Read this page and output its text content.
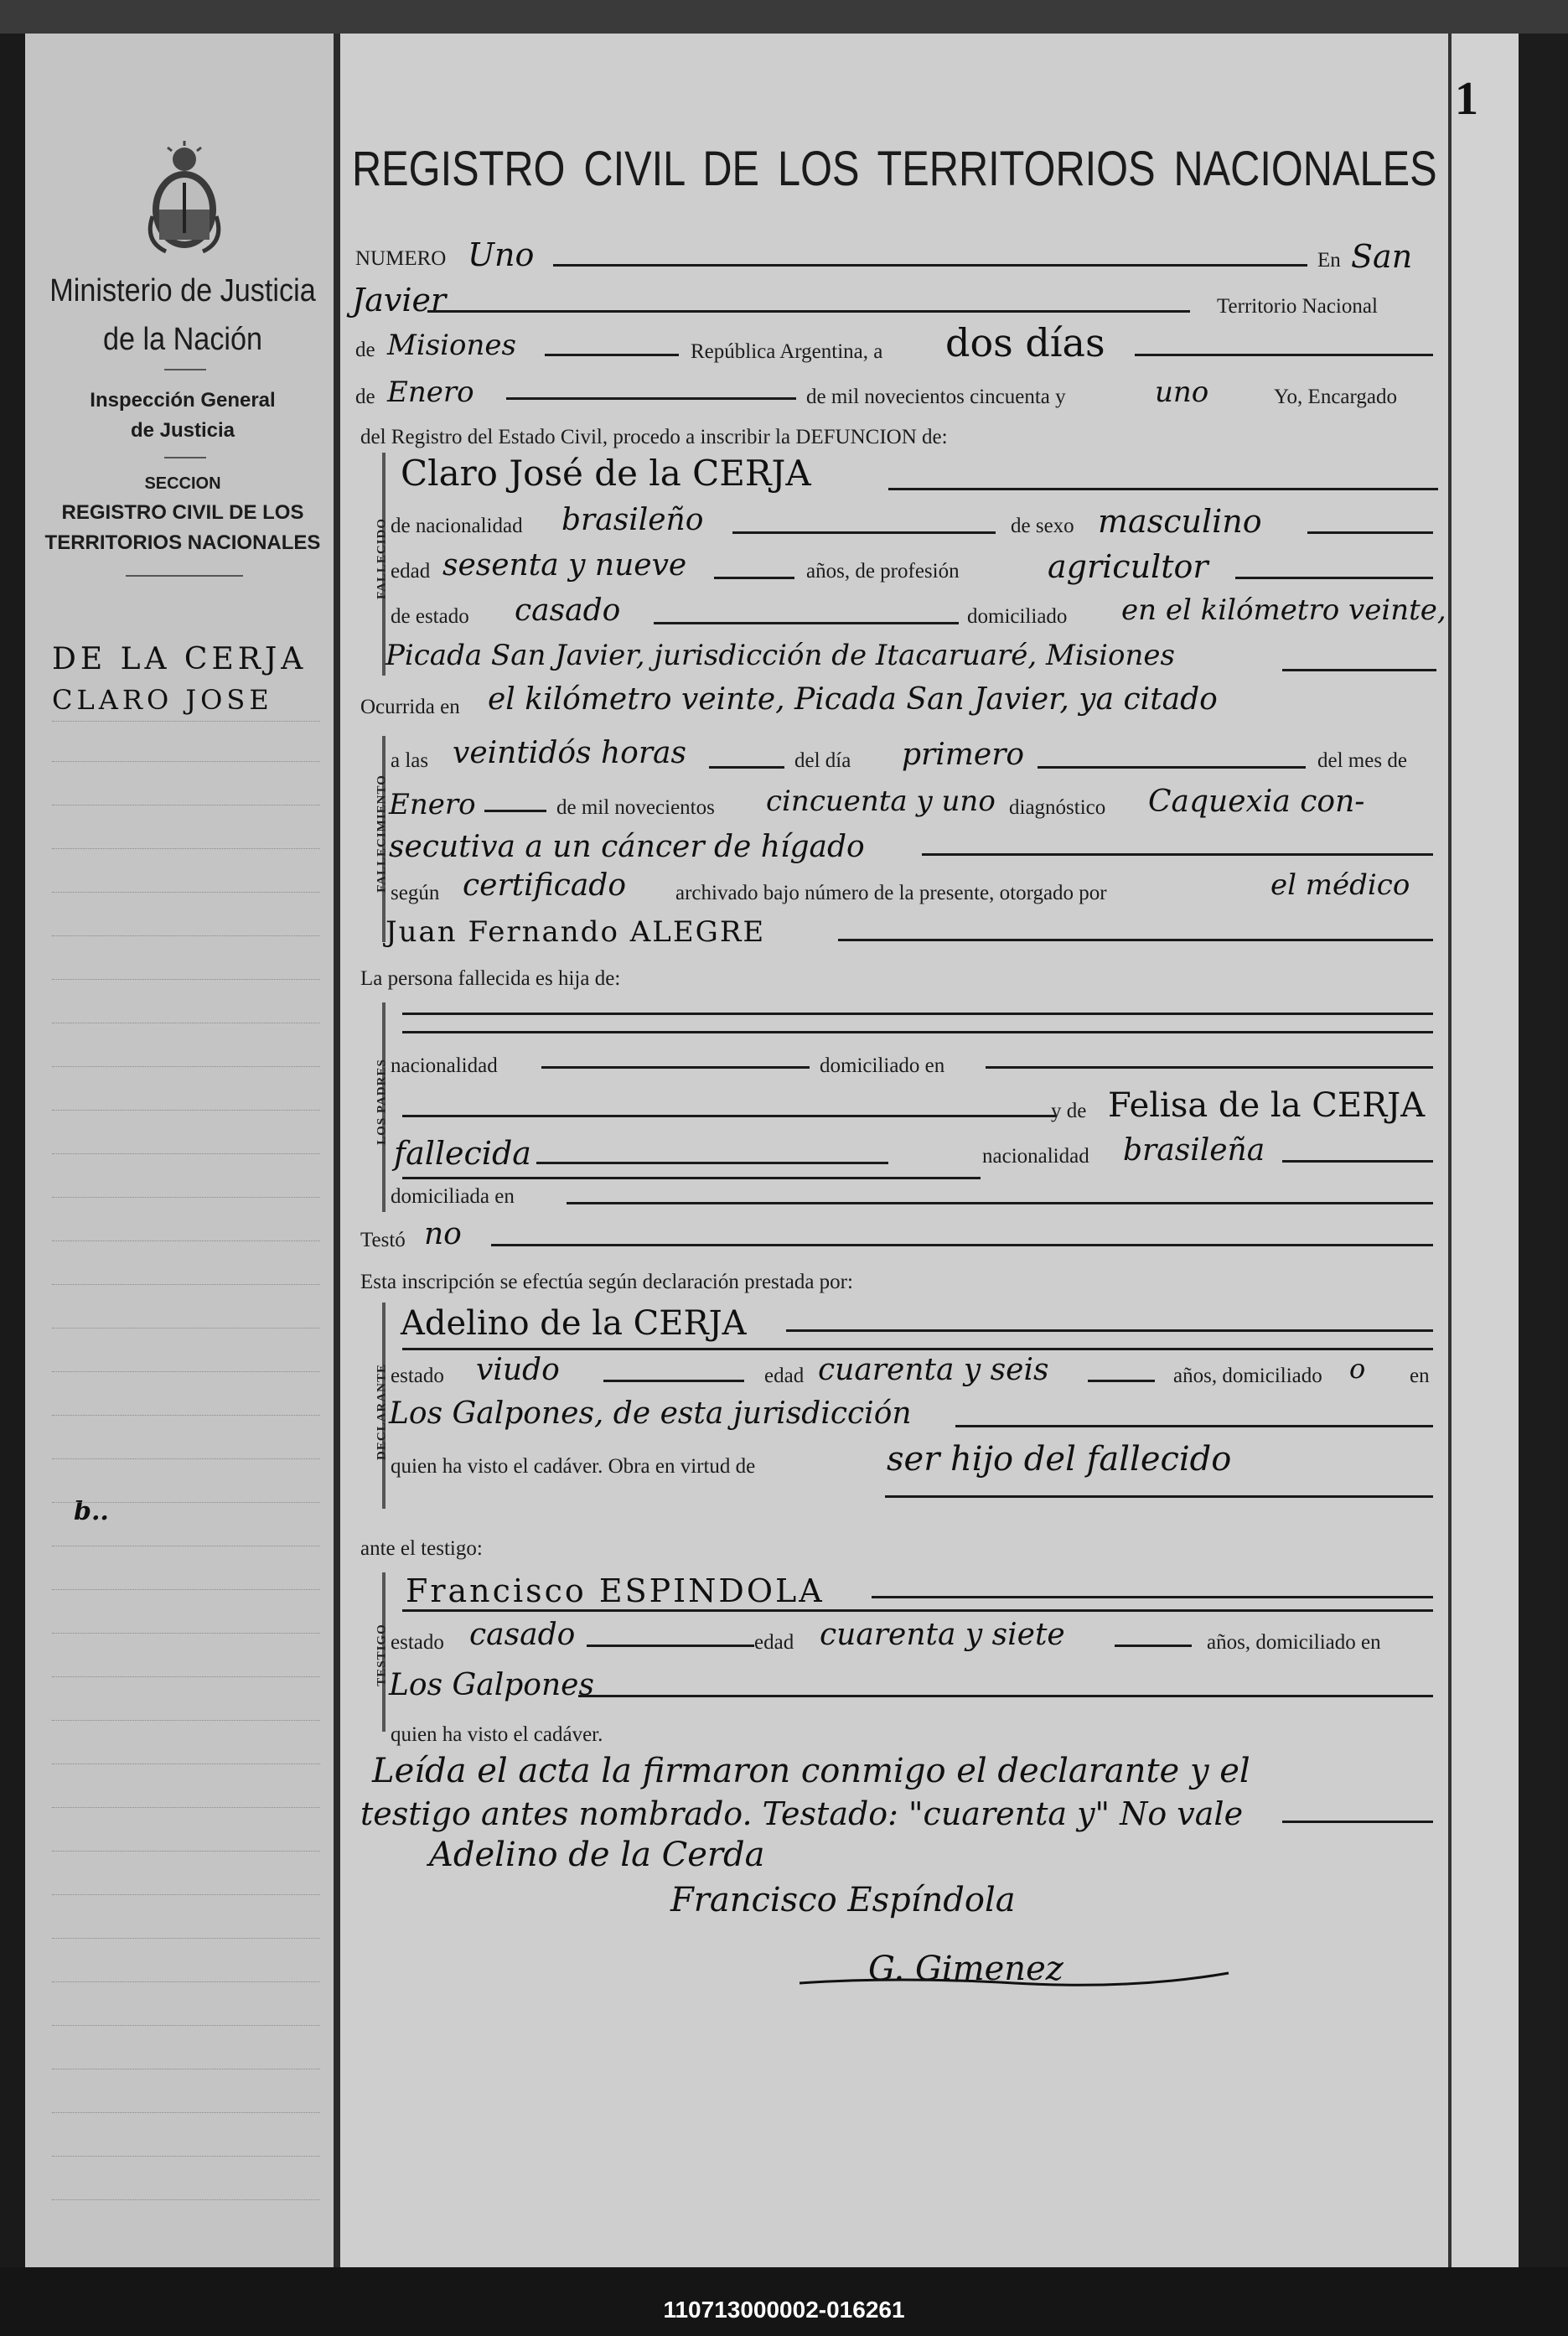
110713000002-016261
1
Ministerio de Justicia
de la Nación
Inspección General
de Justicia
SECCION
REGISTRO CIVIL DE LOS
TERRITORIOS NACIONALES
DE LA CERJA
CLARO JOSE
b..
REGISTRO CIVIL DE LOS TERRITORIOS NACIONALES
NUMERO Uno	En San
Javier	Territorio Nacional
de Misiones	República Argentina, a dos días
de Enero	de mil novecientos cincuenta y	uno	Yo, Encargado
del Registro del Estado Civil, procedo a inscribir la DEFUNCION de:
FALLECIDO
Claro José de la CERJA
de nacionalidad brasileño	de sexo masculino
edad sesenta y nueve	años, de profesión	agricultor
de estado casado	domiciliado en el kilómetro veinte,
Picada San Javier, jurisdicción de Itacaruaré, Misiones
Ocurrida en el kilómetro veinte, Picada San Javier, ya citado
FALLECIMIENTO
a las veintidós horas	del día primero	del mes de
Enero	de mil novecientos cincuenta y uno diagnóstico Caquexia con-
secutiva a un cáncer de hígado
según certificado archivado bajo número de la presente, otorgado por	el médico
Juan Fernando ALEGRE
La persona fallecida es hija de:
LOS PADRES nacionalidad	domiciliado en
y de Felisa de la CERJA
fallecida	nacionalidad brasileña
domiciliada en
Testó no
Esta inscripción se efectúa según declaración prestada por:
DECLARANTE
Adelino de la CERJA
estado viudo	edad cuarenta y seis	años, domiciliado o en
Los Galpones, de esta jurisdicción
quien ha visto el cadáver. Obra en virtud de	ser hijo del fallecido
ante el testigo:
TESTIGO
Francisco ESPINDOLA
estado casado	edad cuarenta y siete	años, domiciliado en
Los Galpones
quien ha visto el cadáver.
Leída el acta la firmaron conmigo el declarante y el
testigo antes nombrado. Testado: "cuarenta y" No vale
Adelino de la Cerda
Francisco Espíndola
G. Gimenez
